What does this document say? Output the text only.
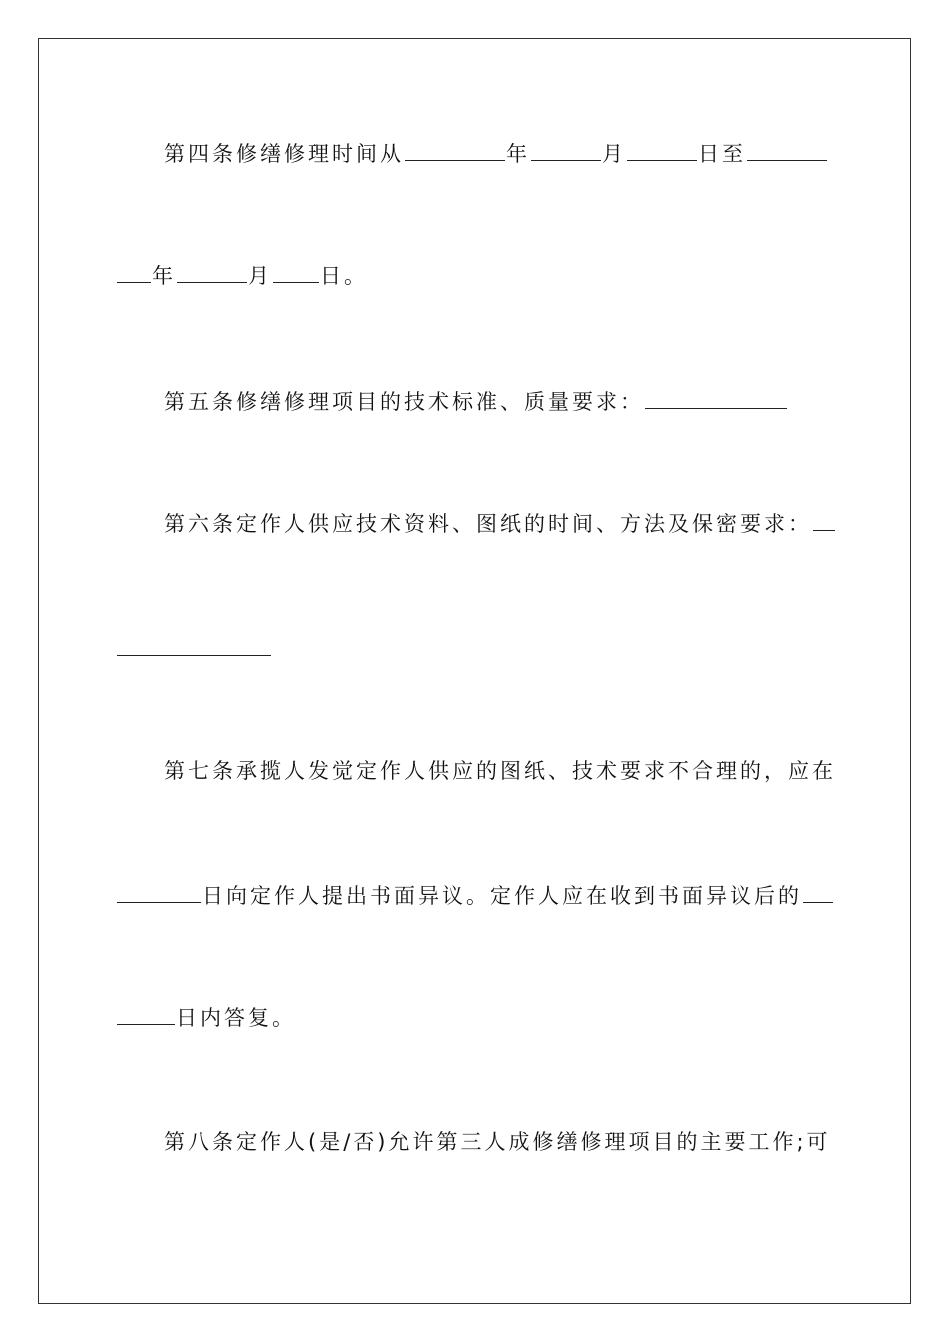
第四条修缮修理时间从	年	月	日至
年	月 日。
第五条修缮修理项目的技术标准、质量要求：
第六条定作人供应技术资料、图纸的时间、方法及保密要求：
第七条承揽人发觉定作人供应的图纸、技术要求不合理的，应在
日向定作人提出书面异议。定作人应在收到书面异议后的
日内答复。
第八条定作人(是/否)允许第三人成修缮修理项目的主要工作;可
